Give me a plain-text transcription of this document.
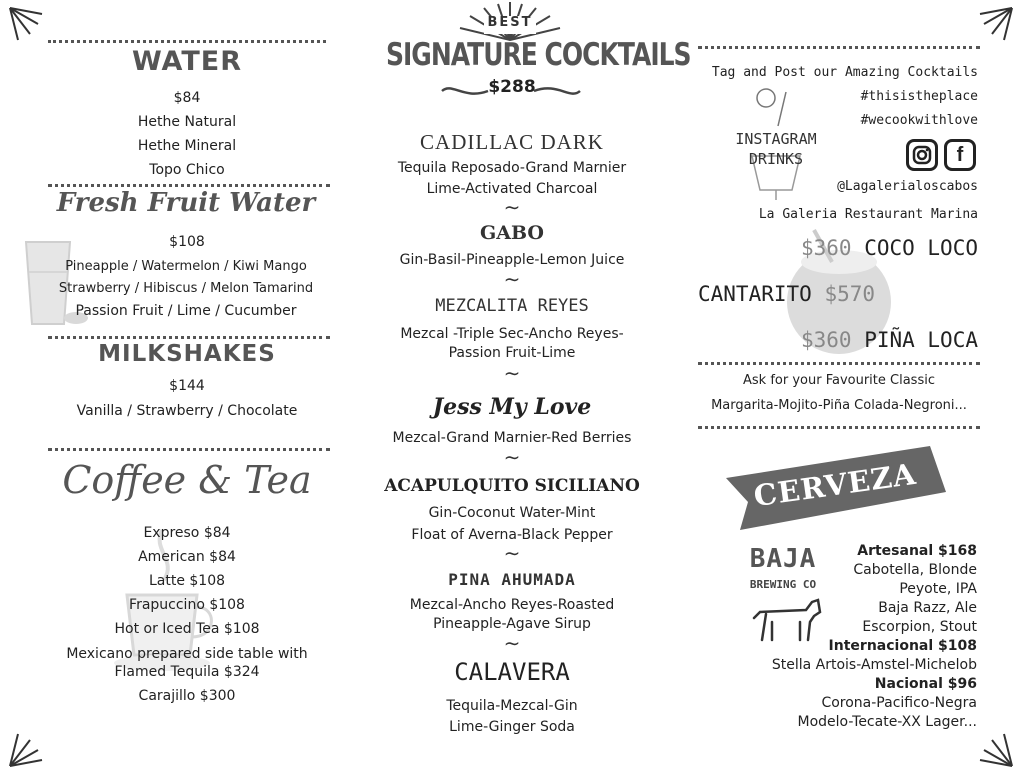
WATER
$84
Hethe Natural
Hethe Mineral
Topo Chico
Fresh Fruit Water
$108
Pineapple / Watermelon / Kiwi Mango
Strawberry / Hibiscus / Melon Tamarind
Passion Fruit / Lime / Cucumber
MILKSHAKES
$144
Vanilla / Strawberry / Chocolate
Coffee & Tea
Expreso $84
American $84
Latte $108
Frapuccino $108
Hot or Iced Tea $108
Mexicano prepared side table with
Flamed Tequila $324
Carajillo $300
BEST
SIGNATURE COCKTAILS
$288
CADILLAC DARK
Tequila Reposado-Grand Marnier
Lime-Activated Charcoal
∼
GABO
Gin-Basil-Pineapple-Lemon Juice
∼
MEZCALITA REYES
Mezcal -Triple Sec-Ancho Reyes-
Passion Fruit-Lime
∼
Jess My Love
Mezcal-Grand Marnier-Red Berries
∼
ACAPULQUITO SICILIANO
Gin-Coconut Water-Mint
Float of Averna-Black Pepper
∼
PINA AHUMADA
Mezcal-Ancho Reyes-Roasted
Pineapple-Agave Sirup
∼
CALAVERA
Tequila-Mezcal-Gin
Lime-Ginger Soda
Tag and Post our Amazing Cocktails
#thisistheplace
#wecookwithlove
INSTAGRAM
DRINKS	f
@Lagalerialoscabos
La Galeria Restaurant Marina
$360 COCO LOCO
CANTARITO $570
$360 PIÑA LOCA
Ask for your Favourite Classic
Margarita-Mojito-Piña Colada-Negroni...
CERVEZA
BAJA
BREWING CO
Artesanal $168
Cabotella, Blonde
Peyote, IPA
Baja Razz, Ale
Escorpion, Stout
Internacional $108
Stella Artois-Amstel-Michelob
Nacional $96
Corona-Pacifico-Negra
Modelo-Tecate-XX Lager...
